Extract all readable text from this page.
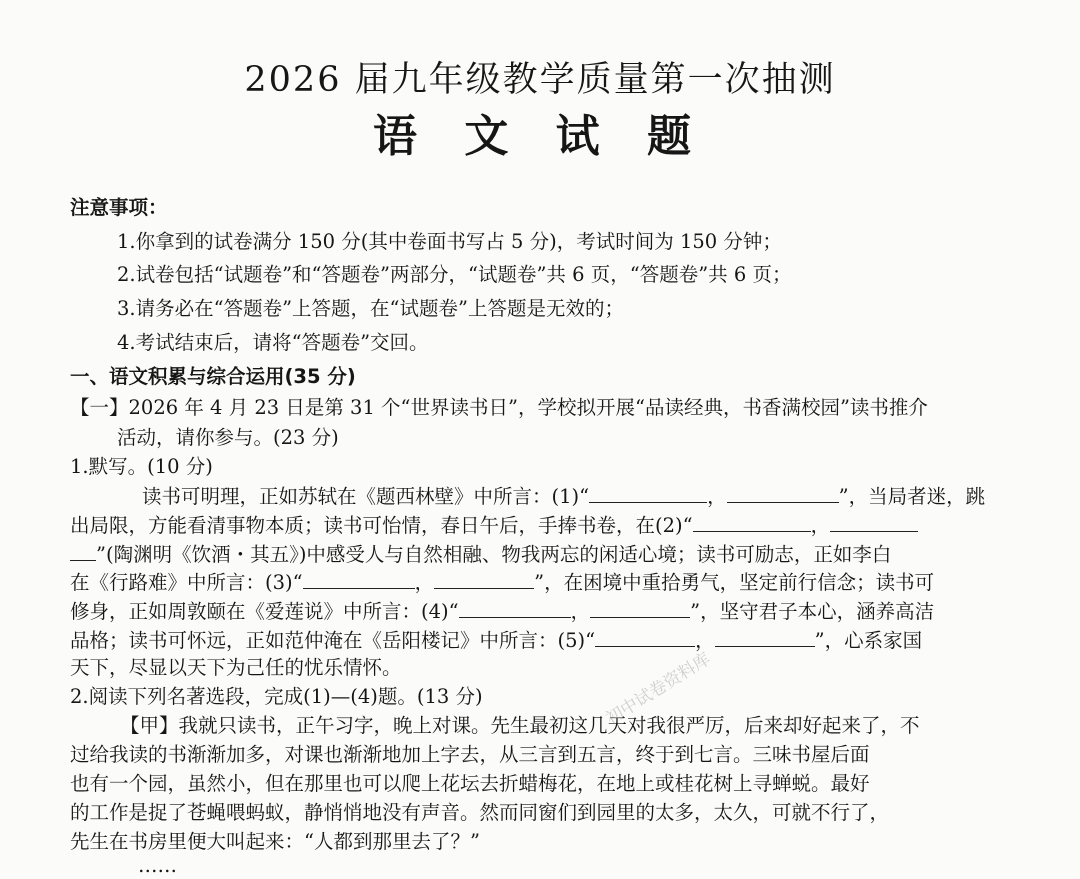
2026 届九年级教学质量第一次抽测
语 文 试 题
注意事项：
1.你拿到的试卷满分 150 分(其中卷面书写占 5 分)，考试时间为 150 分钟；
2.试卷包括“试题卷”和“答题卷”两部分，“试题卷”共 6 页，“答题卷”共 6 页；
3.请务必在“答题卷”上答题，在“试题卷”上答题是无效的；
4.考试结束后，请将“答题卷”交回。
一、语文积累与综合运用(35 分)
【一】2026 年 4 月 23 日是第 31 个“世界读书日”，学校拟开展“品读经典，书香满校园”读书推介
活动，请你参与。(23 分)
1.默写。(10 分)
读书可明理，正如苏轼在《题西林壁》中所言：(1)“	，	”，当局者迷，跳
出局限，方能看清事物本质；读书可怡情，春日午后，手捧书卷，在(2)“	，
”(陶渊明《饮酒・其五》)中感受人与自然相融、物我两忘的闲适心境；读书可励志，正如李白
在《行路难》中所言：(3)“	，	”，在困境中重拾勇气，坚定前行信念；读书可
修身，正如周敦颐在《爱莲说》中所言：(4)“	，	”，坚守君子本心，涵养高洁
品格；读书可怀远，正如范仲淹在《岳阳楼记》中所言：(5)“	，	”，心系家国
天下，尽显以天下为己任的忧乐情怀。
2.阅读下列名著选段，完成(1)—(4)题。(13 分)
【甲】我就只读书，正午习字，晚上对课。先生最初这几天对我很严厉，后来却好起来了，不
过给我读的书渐渐加多，对课也渐渐地加上字去，从三言到五言，终于到七言。三味书屋后面
也有一个园，虽然小，但在那里也可以爬上花坛去折蜡梅花，在地上或桂花树上寻蝉蜕。最好
的工作是捉了苍蝇喂蚂蚁，静悄悄地没有声音。然而同窗们到园里的太多，太久，可就不行了，
先生在书房里便大叫起来：“人都到那里去了？”
……
初中试卷资料库
